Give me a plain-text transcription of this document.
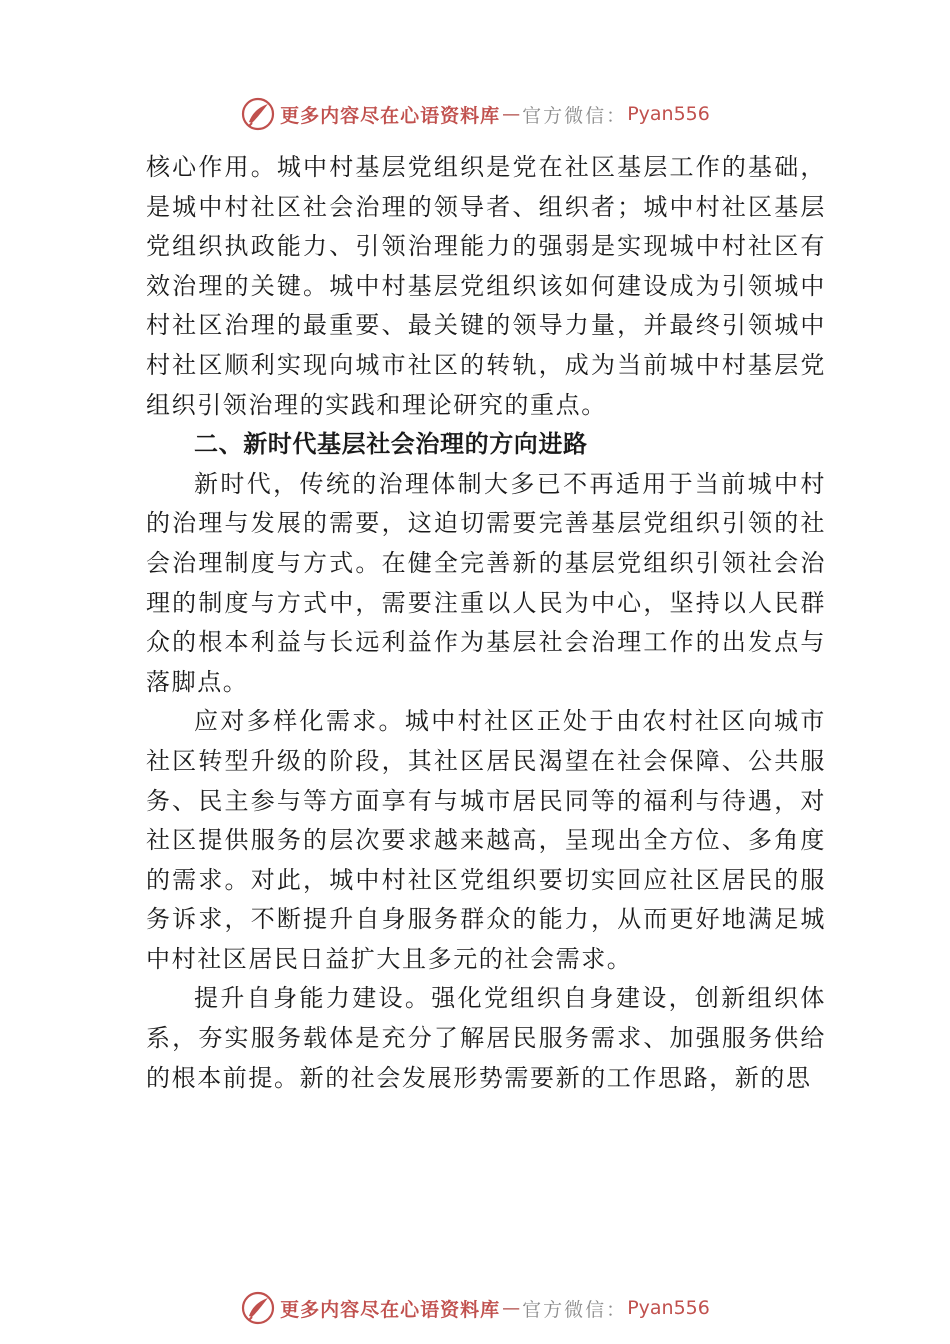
更多内容尽在心语资料库 — 官方微信： Pyan556

核心作用。城中村基层党组织是党在社区基层工作的基础， 是城中村社区社会治理的领导者、组织者；城中村社区基层党组织执政能力、引领治理能力的强弱是实现城中村社区有效治理的关键。城中村基层党组织该如何建设成为引领城中村社区治理的最重要、最关键的领导力量，并最终引领城中村社区顺利实现向城市社区的转轨，成为当前城中村基层党组织引领治理的实践和理论研究的重点。

二、新时代基层社会治理的方向进路

新时代，传统的治理体制大多已不再适用于当前城中村的治理与发展的需要，这迫切需要完善基层党组织引领的社会治理制度与方式。在健全完善新的基层党组织引领社会治理的制度与方式中，需要注重以人民为中心，坚持以人民群众的根本利益与长远利益作为基层社会治理工作的出发点与落脚点。

应对多样化需求。城中村社区正处于由农村社区向城市社区转型升级的阶段，其社区居民渴望在社会保障、公共服务、民主参与等方面享有与城市居民同等的福利与待遇，对社区提供服务的层次要求越来越高，呈现出全方位、多角度的需求。对此，城中村社区党组织要切实回应社区居民的服务诉求，不断提升自身服务群众的能力，从而更好地满足城中村社区居民日益扩大且多元的社会需求。

提升自身能力建设。强化党组织自身建设，创新组织体系，夯实服务载体是充分了解居民服务需求、加强服务供给的根本前提。新的社会发展形势需要新的工作思路，新的思

更多内容尽在心语资料库 — 官方微信： Pyan556
